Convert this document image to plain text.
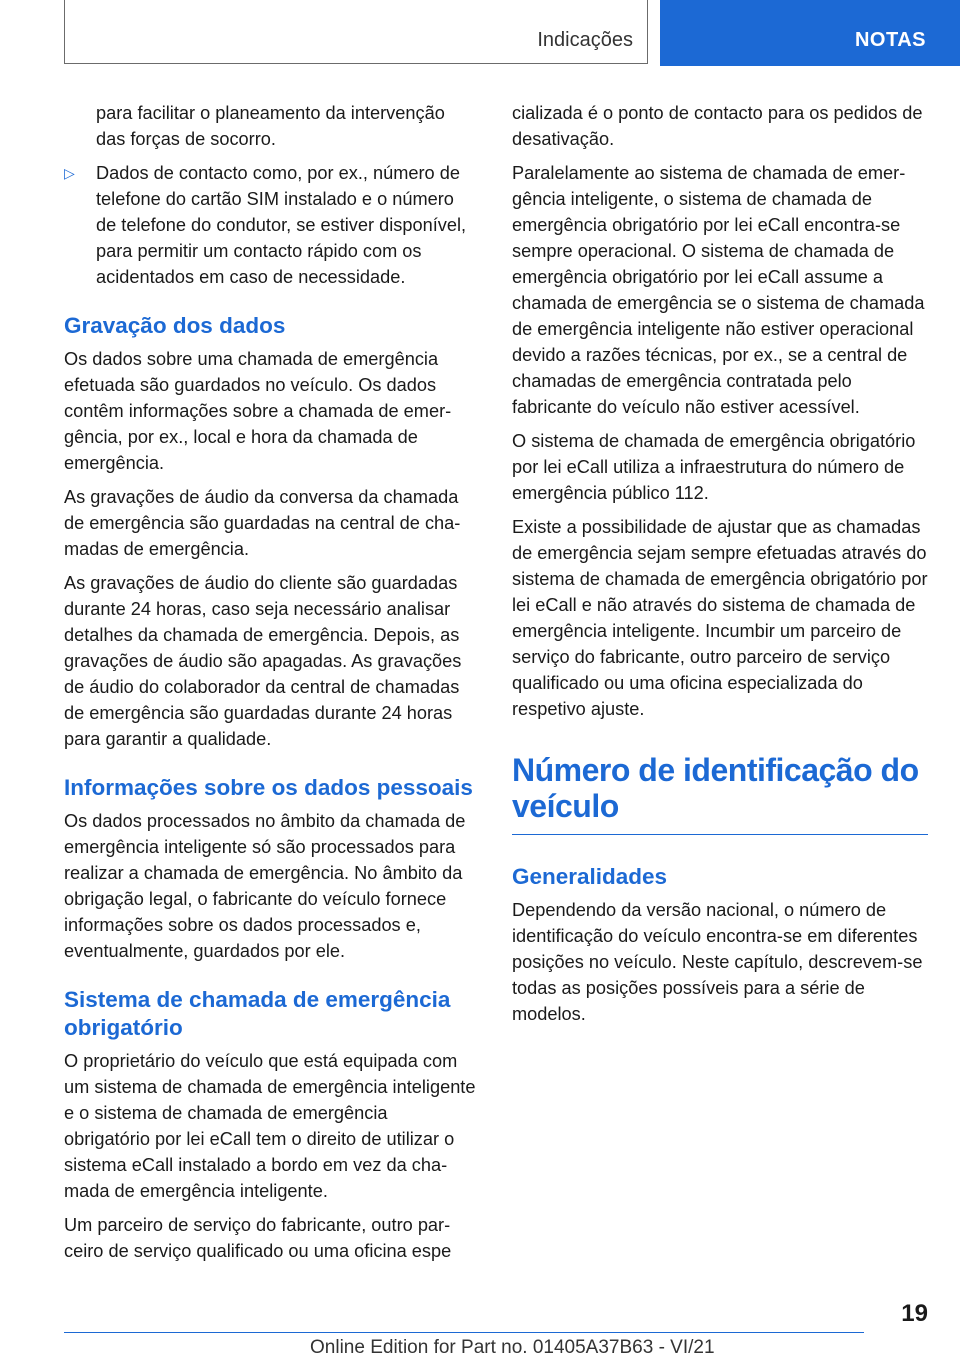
Indicações	NOTAS

para facilitar o planeamento da intervenção das forças de socorro.

▷ Dados de contacto como, por ex., número de telefone do cartão SIM instalado e o número de telefone do condutor, se estiver disponível, para permitir um contacto rápido com os acidentados em caso de necessidade.
Gravação dos dados

Os dados sobre uma chamada de emergência efetuada são guardados no veículo. Os dados contêm informações sobre a chamada de emergência, por ex., local e hora da chamada de emergência.

As gravações de áudio da conversa da chamada de emergência são guardadas na central de chamadas de emergência.

As gravações de áudio do cliente são guardadas durante 24 horas, caso seja necessário analisar detalhes da chamada de emergência. Depois, as gravações de áudio são apagadas. As gravações de áudio do colaborador da central de chamadas de emergência são guardadas durante 24 horas para garantir a qualidade.

Informações sobre os dados pessoais

Os dados processados no âmbito da chamada de emergência inteligente só são processados para realizar a chamada de emergência. No âmbito da obrigação legal, o fabricante do veículo fornece informações sobre os dados processados e, eventualmente, guardados por ele.

Sistema de chamada de emergência obrigatório

O proprietário do veículo que está equipada com um sistema de chamada de emergência inteligente e o sistema de chamada de emergência obrigatório por lei eCall tem o direito de utilizar o sistema eCall instalado a bordo em vez da chamada de emergência inteligente.

Um parceiro de serviço do fabricante, outro parceiro de serviço qualificado ou uma oficina espe

cializada é o ponto de contacto para os pedidos de desativação.

Paralelamente ao sistema de chamada de emergência inteligente, o sistema de chamada de emergência obrigatório por lei eCall encontra-se sempre operacional. O sistema de chamada de emergência obrigatório por lei eCall assume a chamada de emergência se o sistema de chamada de emergência inteligente não estiver operacional devido a razões técnicas, por ex., se a central de chamadas de emergência contratada pelo fabricante do veículo não estiver acessível.

O sistema de chamada de emergência obrigatório por lei eCall utiliza a infraestrutura do número de emergência público 112.

Existe a possibilidade de ajustar que as chamadas de emergência sejam sempre efetuadas através do sistema de chamada de emergência obrigatório por lei eCall e não através do sistema de chamada de emergência inteligente. Incumbir um parceiro de serviço do fabricante, outro parceiro de serviço qualificado ou uma oficina especializada do respetivo ajuste.

Número de identificação do veículo
Generalidades

Dependendo da versão nacional, o número de identificação do veículo encontra-se em diferentes posições no veículo. Neste capítulo, descrevem-se todas as posições possíveis para a série de modelos.

19
Online Edition for Part no. 01405A37B63 - VI/21
